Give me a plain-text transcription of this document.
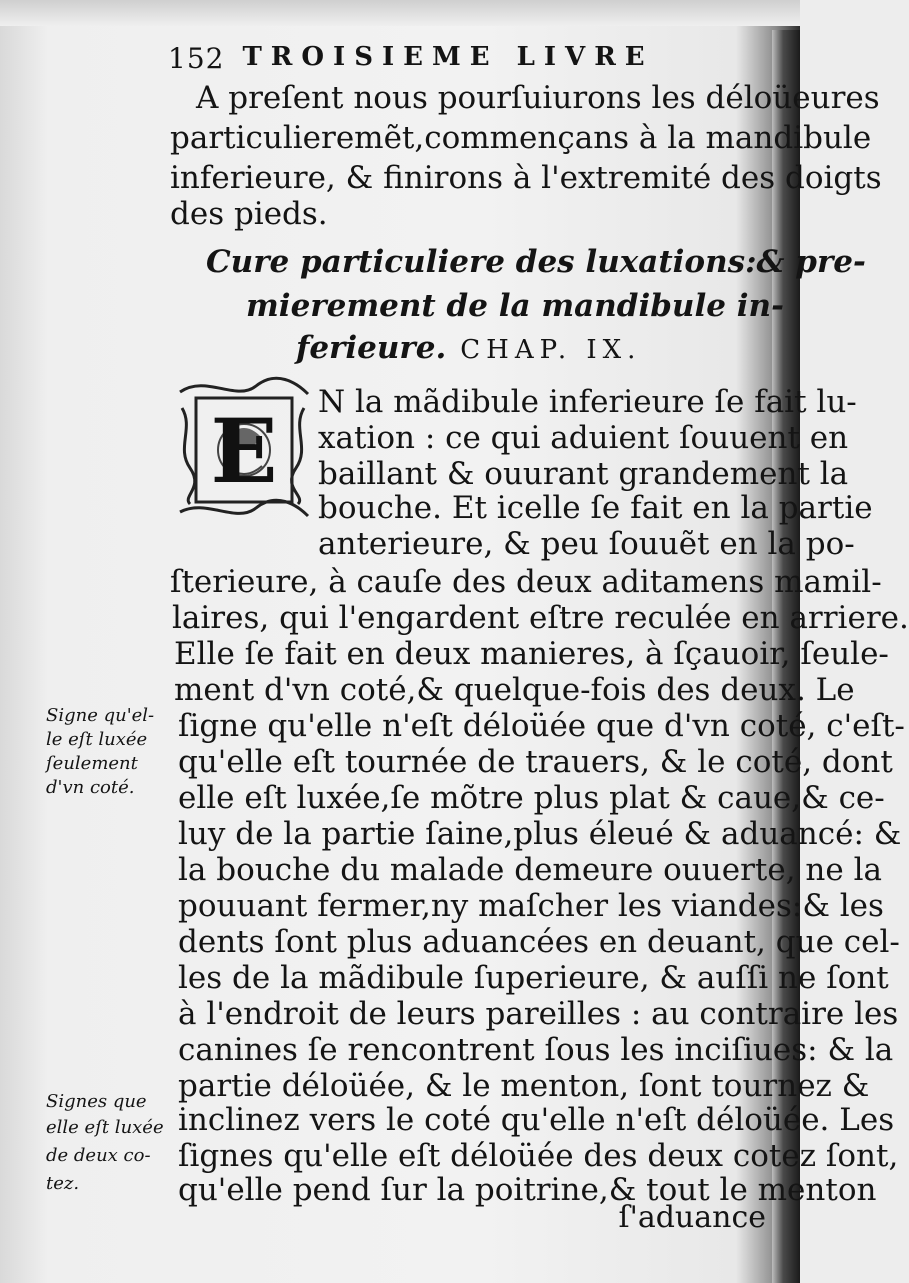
152 TROISIEME LIVRE
A preſent nous pourſuiurons les déloüeures
particulieremẽt,commençans à la mandibule
inferieure, & finirons à l'extremité des doigts
des pieds.
Cure particuliere des luxations:& pre-
mierement de la mandibule in-
ferieure. CHAP. IX.
E N la mãdibule inferieure ſe fait lu-
xation : ce qui aduient ſouuent en
baillant & ouurant grandement la
bouche. Et icelle ſe fait en la partie
anterieure, & peu ſouuẽt en la po-
ſterieure, à cauſe des deux aditamens mamil-
laires, qui l'engardent eſtre reculée en arriere.
Elle ſe fait en deux manieres, à ſçauoir, ſeule-
ment d'vn coté,& quelque-fois des deux. Le
ſigne qu'elle n'eſt déloüée que d'vn coté, c'eſt-
qu'elle eſt tournée de trauers, & le coté, dont
elle eſt luxée,ſe mõtre plus plat & caue,& ce-
luy de la partie ſaine,plus éleué & aduancé: &
la bouche du malade demeure ouuerte, ne la
pouuant fermer,ny maſcher les viandes:& les
dents ſont plus aduancées en deuant, que cel-
les de la mãdibule ſuperieure, & auſſi ne ſont
à l'endroit de leurs pareilles : au contraire les
canines ſe rencontrent ſous les inciſiues: & la
partie déloüée, & le menton, ſont tournez &
inclinez vers le coté qu'elle n'eſt déloüée. Les
ſignes qu'elle eſt déloüée des deux cotez ſont,
qu'elle pend ſur la poitrine,& tout le menton
ſ'aduance
Signe qu'el-
le eſt luxée
ſeulement
d'vn coté.
Signes que
elle eſt luxée
de deux co-
tez.
